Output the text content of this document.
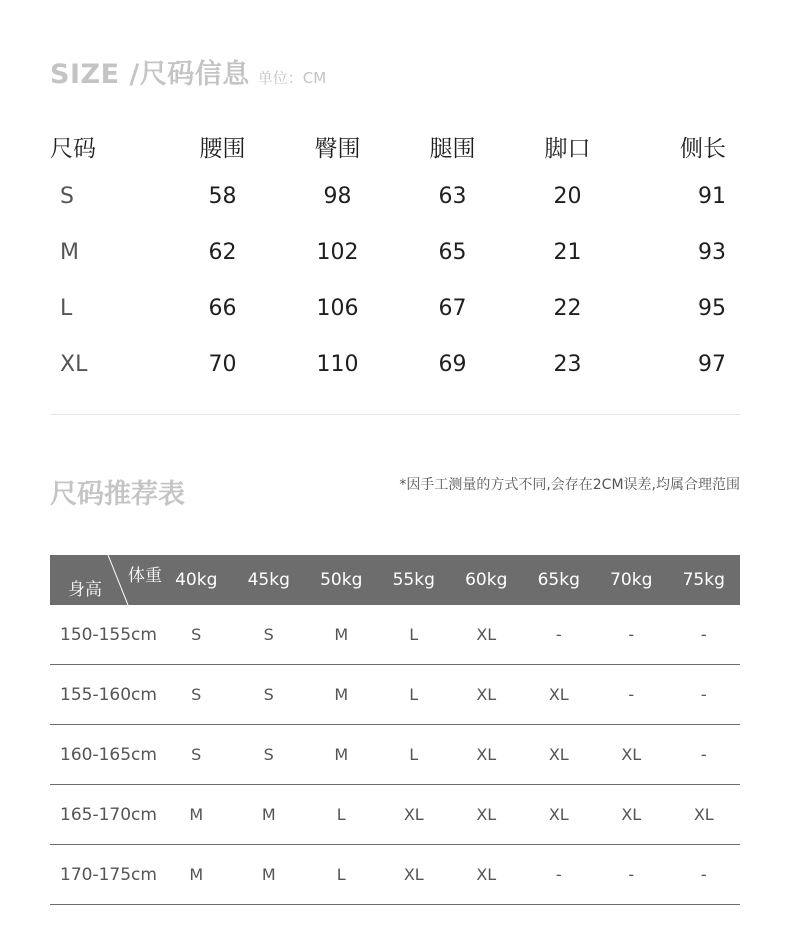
SIZE /尺码信息 单位：CM
尺码	腰围	臀围	腿围	脚口	侧长
S	58	98	63	20	91
M	62	102	65	21	93
L	66	106	67	22	95
XL	70	110	69	23	97
尺码推荐表	*因手工测量的方式不同,会存在2CM误差,均属合理范围
体重
身高	40kg	45kg	50kg	55kg	60kg	65kg	70kg	75kg
150-155cm	S	S	M	L	XL	-	-	-
155-160cm	S	S	M	L	XL	XL	-	-
160-165cm	S	S	M	L	XL	XL	XL	-
165-170cm	M	M	L	XL	XL	XL	XL	XL
170-175cm	M	M	L	XL	XL	-	-	-
